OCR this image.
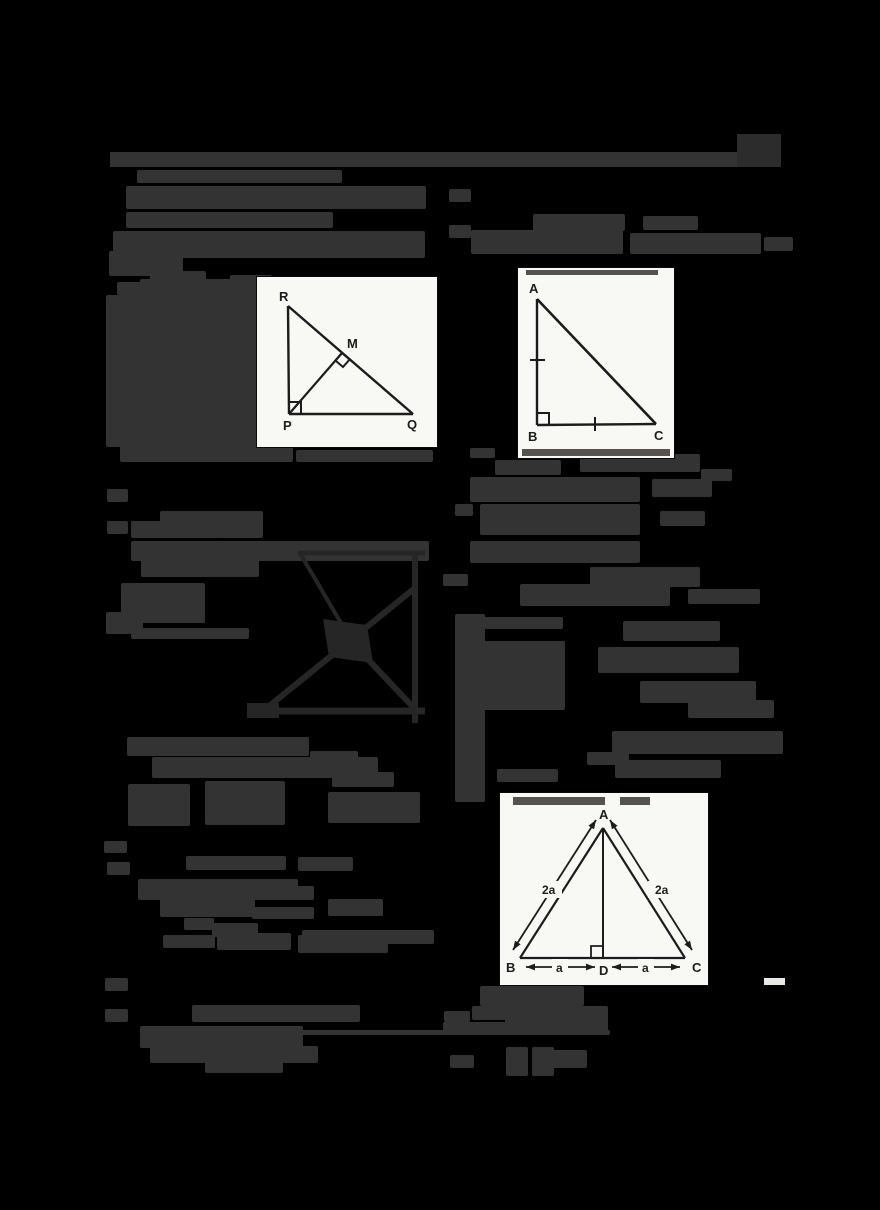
R
M
P	Q
A
B	C
2a	2a
a	a
A
B	D	C
